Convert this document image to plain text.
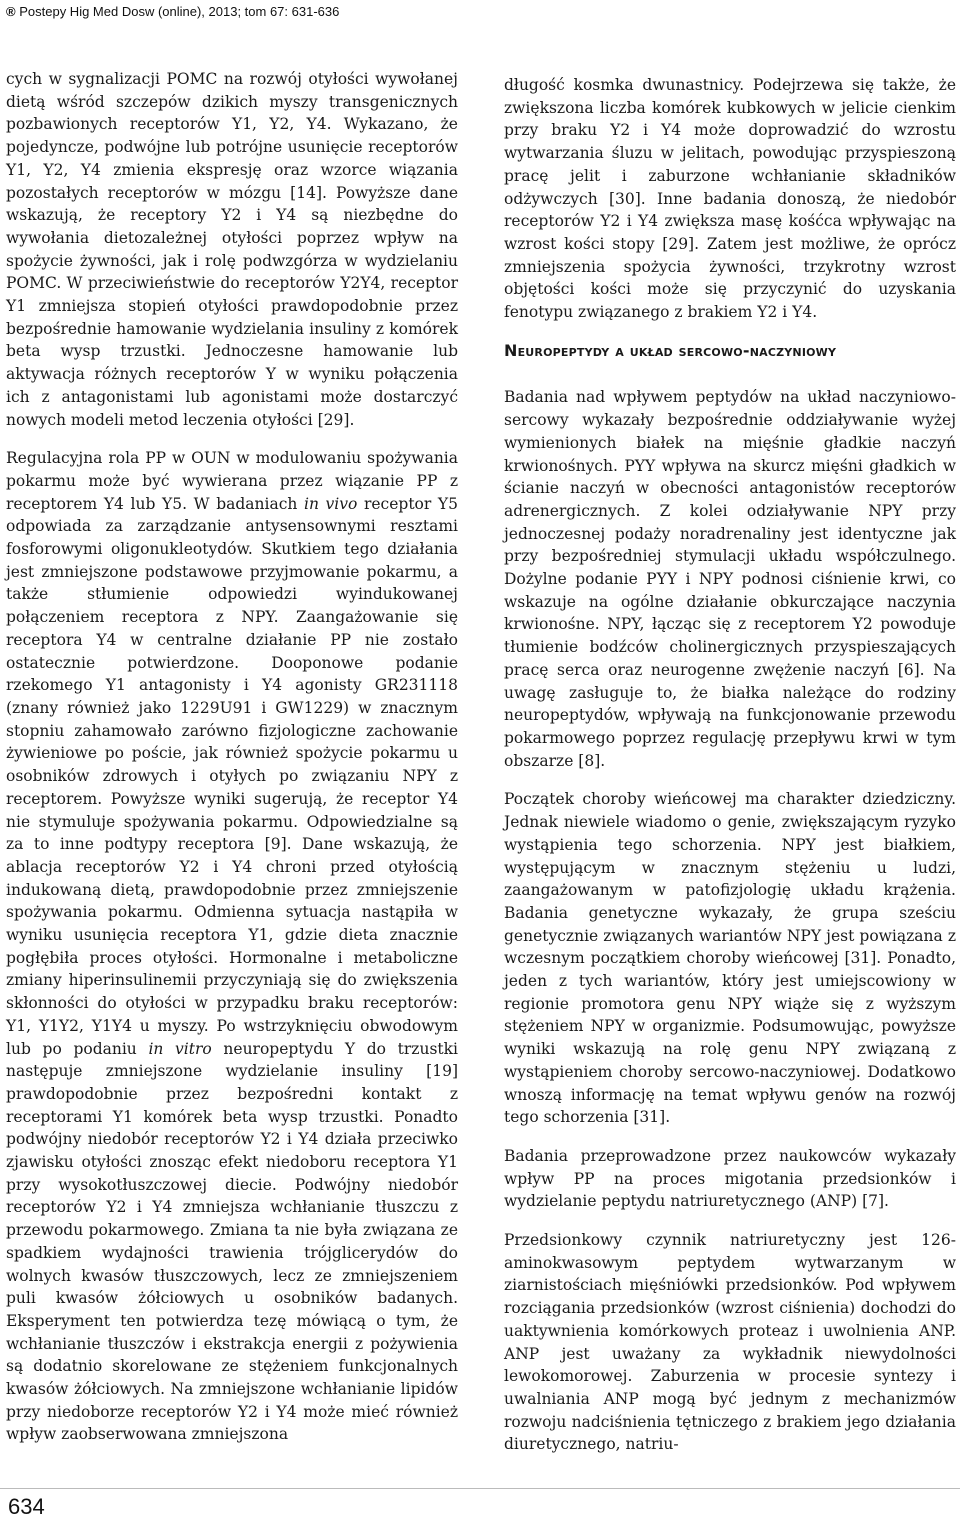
® Postepy Hig Med Dosw (online), 2013; tom 67: 631-636

cych w sygnalizacji POMC na rozwój otyłości wywołanej dietą wśród szczepów dzikich myszy transgenicznych pozbawionych receptorów Y1, Y2, Y4. Wykazano, że pojedyncze, podwójne lub potrójne usunięcie receptorów Y1, Y2, Y4 zmienia ekspresję oraz wzorce wiązania pozostałych receptorów w mózgu [14]. Powyższe dane wskazują, że receptory Y2 i Y4 są niezbędne do wywołania dietozależnej otyłości poprzez wpływ na spożycie żywności, jak i rolę podwzgórza w wydzielaniu POMC. W przeciwieństwie do receptorów Y2Y4, receptor Y1 zmniejsza stopień otyłości prawdopodobnie przez bezpośrednie hamowanie wydzielania insuliny z komórek beta wysp trzustki. Jednoczesne hamowanie lub aktywacja różnych receptorów Y w wyniku połączenia ich z antagonistami lub agonistami może dostarczyć nowych modeli metod leczenia otyłości [29].

Regulacyjna rola PP w OUN w modulowaniu spożywania pokarmu może być wywierana przez wiązanie PP z receptorem Y4 lub Y5. W badaniach in vivo receptor Y5 odpowiada za zarządzanie antysensownymi resztami fosforowymi oligonukleotydów. Skutkiem tego działania jest zmniejszone podstawowe przyjmowanie pokarmu, a także stłumienie odpowiedzi wyindukowanej połączeniem receptora z NPY. Zaangażowanie się receptora Y4 w centralne działanie PP nie zostało ostatecznie potwierdzone. Dooponowe podanie rzekomego Y1 antagonisty i Y4 agonisty GR231118 (znany również jako 1229U91 i GW1229) w znacznym stopniu zahamowało zarówno fizjologiczne zachowanie żywieniowe po poście, jak również spożycie pokarmu u osobników zdrowych i otyłych po związaniu NPY z receptorem. Powyższe wyniki sugerują, że receptor Y4 nie stymuluje spożywania pokarmu. Odpowiedzialne są za to inne podtypy receptora [9]. Dane wskazują, że ablacja receptorów Y2 i Y4 chroni przed otyłością indukowaną dietą, prawdopodobnie przez zmniejszenie spożywania pokarmu. Odmienna sytuacja nastąpiła w wyniku usunięcia receptora Y1, gdzie dieta znacznie pogłębiła proces otyłości. Hormonalne i metaboliczne zmiany hiperinsulinemii przyczyniają się do zwiększenia skłonności do otyłości w przypadku braku receptorów: Y1, Y1Y2, Y1Y4 u myszy. Po wstrzyknięciu obwodowym lub po podaniu in vitro neuropeptydu Y do trzustki następuje zmniejszone wydzielanie insuliny [19] prawdopodobnie przez bezpośredni kontakt z receptorami Y1 komórek beta wysp trzustki. Ponadto podwójny niedobór receptorów Y2 i Y4 działa przeciwko zjawisku otyłości znosząc efekt niedoboru receptora Y1 przy wysokotłuszczowej diecie. Podwójny niedobór receptorów Y2 i Y4 zmniejsza wchłanianie tłuszczu z przewodu pokarmowego. Zmiana ta nie była związana ze spadkiem wydajności trawienia trójglicerydów do wolnych kwasów tłuszczowych, lecz ze zmniejszeniem puli kwasów żółciowych u osobników badanych. Eksperyment ten potwierdza tezę mówiącą o tym, że wchłanianie tłuszczów i ekstrakcja energii z pożywienia są dodatnio skorelowane ze stężeniem funkcjonalnych kwasów żółciowych. Na zmniejszone wchłanianie lipidów przy niedoborze receptorów Y2 i Y4 może mieć również wpływ zaobserwowana zmniejszona

długość kosmka dwunastnicy. Podejrzewa się także, że zwiększona liczba komórek kubkowych w jelicie cienkim przy braku Y2 i Y4 może doprowadzić do wzrostu wytwarzania śluzu w jelitach, powodując przyspieszoną pracę jelit i zaburzone wchłanianie składników odżywczych [30]. Inne badania donoszą, że niedobór receptorów Y2 i Y4 zwiększa masę kośćca wpływając na wzrost kości stopy [29]. Zatem jest możliwe, że oprócz zmniejszenia spożycia żywności, trzykrotny wzrost objętości kości może się przyczynić do uzyskania fenotypu związanego z brakiem Y2 i Y4.

Neuropeptydy a układ sercowo-naczyniowy

Badania nad wpływem peptydów na układ naczyniowo-sercowy wykazały bezpośrednie oddziaływanie wyżej wymienionych białek na mięśnie gładkie naczyń krwionośnych. PYY wpływa na skurcz mięśni gładkich w ścianie naczyń w obecności antagonistów receptorów adrenergicznych. Z kolei odziaływanie NPY przy jednoczesnej podaży noradrenaliny jest identyczne jak przy bezpośredniej stymulacji układu współczulnego. Dożylne podanie PYY i NPY podnosi ciśnienie krwi, co wskazuje na ogólne działanie obkurczające naczynia krwionośne. NPY, łącząc się z receptorem Y2 powoduje tłumienie bodźców cholinergicznych przyspieszających pracę serca oraz neurogenne zwężenie naczyń [6]. Na uwagę zasługuje to, że białka należące do rodziny neuropeptydów, wpływają na funkcjonowanie przewodu pokarmowego poprzez regulację przepływu krwi w tym obszarze [8].

Początek choroby wieńcowej ma charakter dziedziczny. Jednak niewiele wiadomo o genie, zwiększającym ryzyko wystąpienia tego schorzenia. NPY jest białkiem, występującym w znacznym stężeniu u ludzi, zaangażowanym w patofizjologię układu krążenia. Badania genetyczne wykazały, że grupa sześciu genetycznie związanych wariantów NPY jest powiązana z wczesnym początkiem choroby wieńcowej [31]. Ponadto, jeden z tych wariantów, który jest umiejscowiony w regionie promotora genu NPY wiąże się z wyższym stężeniem NPY w organizmie. Podsumowując, powyższe wyniki wskazują na rolę genu NPY związaną z wystąpieniem choroby sercowo-naczyniowej. Dodatkowo wnoszą informację na temat wpływu genów na rozwój tego schorzenia [31].

Badania przeprowadzone przez naukowców wykazały wpływ PP na proces migotania przedsionków i wydzielanie peptydu natriuretycznego (ANP) [7].

Przedsionkowy czynnik natriuretyczny jest 126-aminokwasowym peptydem wytwarzanym w ziarnistościach mięśniówki przedsionków. Pod wpływem rozciągania przedsionków (wzrost ciśnienia) dochodzi do uaktywnienia komórkowych proteaz i uwolnienia ANP. ANP jest uważany za wykładnik niewydolności lewokomorowej. Zaburzenia w procesie syntezy i uwalniania ANP mogą być jednym z mechanizmów rozwoju nadciśnienia tętniczego z brakiem jego działania diuretycznego, natriu-

634
